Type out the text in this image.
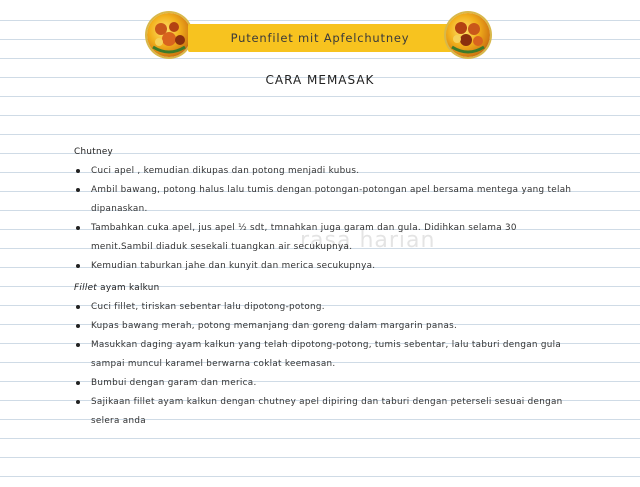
Putenfilet mit Apfelchutney
CARA MEMASAK
rasa harian
Chutney
Cuci apel , kemudian dikupas dan potong menjadi kubus.
Ambil bawang, potong halus lalu tumis dengan potongan-potongan apel bersama mentega yang telah dipanaskan.
Tambahkan cuka apel, jus apel ½ sdt, tmnahkan juga garam dan gula. Didihkan selama 30 menit.Sambil diaduk sesekali tuangkan air secukupnya.
Kemudian taburkan jahe dan kunyit dan merica secukupnya.
Fillet ayam kalkun
Cuci fillet, tiriskan sebentar lalu dipotong-potong.
Kupas bawang merah, potong memanjang dan goreng dalam margarin panas.
Masukkan daging ayam kalkun yang telah dipotong-potong, tumis sebentar, lalu taburi dengan gula sampai muncul karamel berwarna coklat keemasan.
Bumbui dengan garam dan merica.
Sajikaan fillet ayam kalkun dengan chutney apel dipiring dan taburi dengan peterseli sesuai dengan selera anda
